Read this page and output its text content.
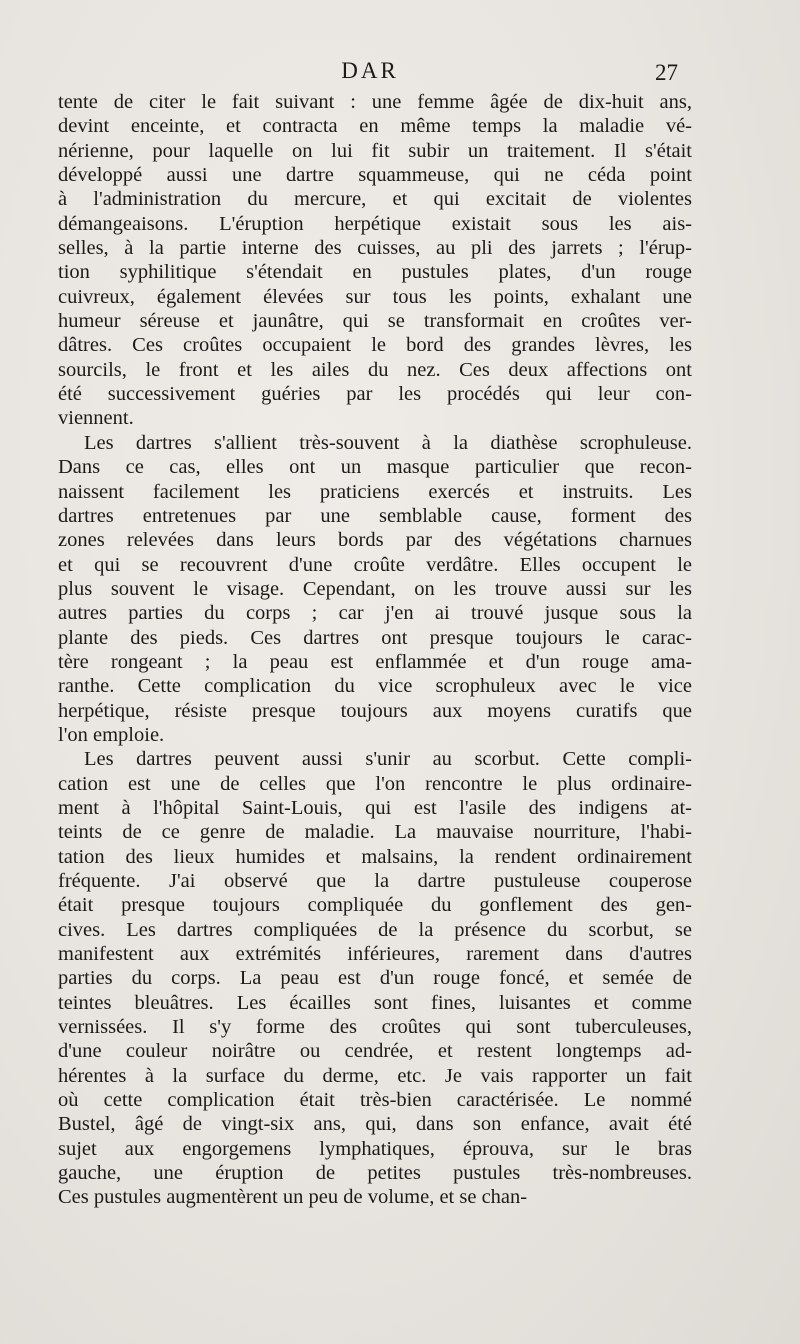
DAR	27
tente de citer le fait suivant : une femme âgée de dix-huit ans,
devint enceinte, et contracta en même temps la maladie vé-
nérienne, pour laquelle on lui fit subir un traitement. Il s'était
développé aussi une dartre squammeuse, qui ne céda point
à l'administration du mercure, et qui excitait de violentes
démangeaisons. L'éruption herpétique existait sous les ais-
selles, à la partie interne des cuisses, au pli des jarrets ; l'érup-
tion syphilitique s'étendait en pustules plates, d'un rouge
cuivreux, également élevées sur tous les points, exhalant une
humeur séreuse et jaunâtre, qui se transformait en croûtes ver-
dâtres. Ces croûtes occupaient le bord des grandes lèvres, les
sourcils, le front et les ailes du nez. Ces deux affections ont
été successivement guéries par les procédés qui leur con-
viennent.
Les dartres s'allient très-souvent à la diathèse scrophuleuse.
Dans ce cas, elles ont un masque particulier que recon-
naissent facilement les praticiens exercés et instruits. Les
dartres entretenues par une semblable cause, forment des
zones relevées dans leurs bords par des végétations charnues
et qui se recouvrent d'une croûte verdâtre. Elles occupent le
plus souvent le visage. Cependant, on les trouve aussi sur les
autres parties du corps ; car j'en ai trouvé jusque sous la
plante des pieds. Ces dartres ont presque toujours le carac-
tère rongeant ; la peau est enflammée et d'un rouge ama-
ranthe. Cette complication du vice scrophuleux avec le vice
herpétique, résiste presque toujours aux moyens curatifs que
l'on emploie.
Les dartres peuvent aussi s'unir au scorbut. Cette compli-
cation est une de celles que l'on rencontre le plus ordinaire-
ment à l'hôpital Saint-Louis, qui est l'asile des indigens at-
teints de ce genre de maladie. La mauvaise nourriture, l'habi-
tation des lieux humides et malsains, la rendent ordinairement
fréquente. J'ai observé que la dartre pustuleuse couperose
était presque toujours compliquée du gonflement des gen-
cives. Les dartres compliquées de la présence du scorbut, se
manifestent aux extrémités inférieures, rarement dans d'autres
parties du corps. La peau est d'un rouge foncé, et semée de
teintes bleuâtres. Les écailles sont fines, luisantes et comme
vernissées. Il s'y forme des croûtes qui sont tuberculeuses,
d'une couleur noirâtre ou cendrée, et restent longtemps ad-
hérentes à la surface du derme, etc. Je vais rapporter un fait
où cette complication était très-bien caractérisée. Le nommé
Bustel, âgé de vingt-six ans, qui, dans son enfance, avait été
sujet aux engorgemens lymphatiques, éprouva, sur le bras
gauche, une éruption de petites pustules très-nombreuses.
Ces pustules augmentèrent un peu de volume, et se chan-
